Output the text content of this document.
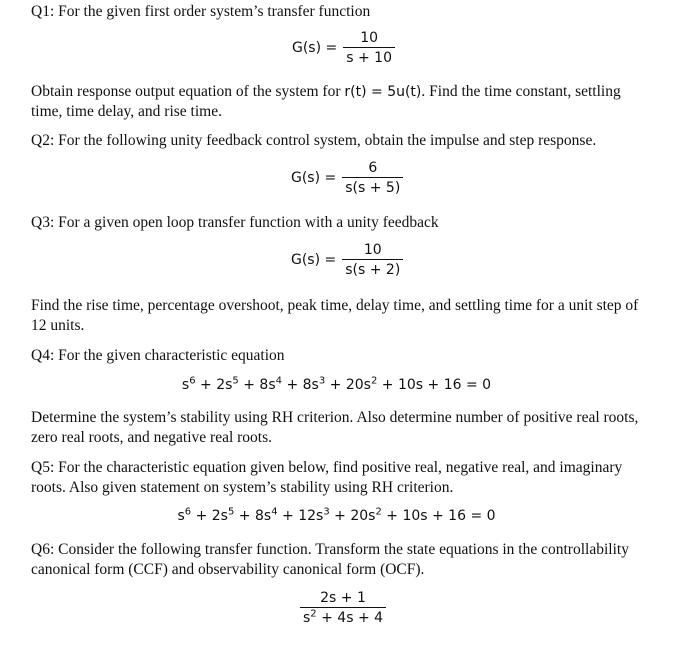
Q1: For the given first order system’s transfer function

$G(s) = \frac{10}{s + 10}$

Obtain response output equation of the system for r(t) = 5u(t). Find the time constant, settling time, time delay, and rise time.

Q2: For the following unity feedback control system, obtain the impulse and step response.

$G(s) = \frac{6}{s(s + 5)}$

Q3: For a given open loop transfer function with a unity feedback

$G(s) = \frac{10}{s(s + 2)}$

Find the rise time, percentage overshoot, peak time, delay time, and settling time for a unit step of 12 units.

Q4: For the given characteristic equation

$s^6 + 2s^5 + 8s^4 + 8s^3 + 20s^2 + 10s + 16 = 0$

Determine the system’s stability using RH criterion. Also determine number of positive real roots, zero real roots, and negative real roots.

Q5: For the characteristic equation given below, find positive real, negative real, and imaginary roots. Also given statement on system’s stability using RH criterion.

$s^6 + 2s^5 + 8s^4 + 12s^3 + 20s^2 + 10s + 16 = 0$

Q6: Consider the following transfer function. Transform the state equations in the controllability canonical form (CCF) and observability canonical form (OCF).

$\frac{2s + 1}{s^2 + 4s + 4}$
